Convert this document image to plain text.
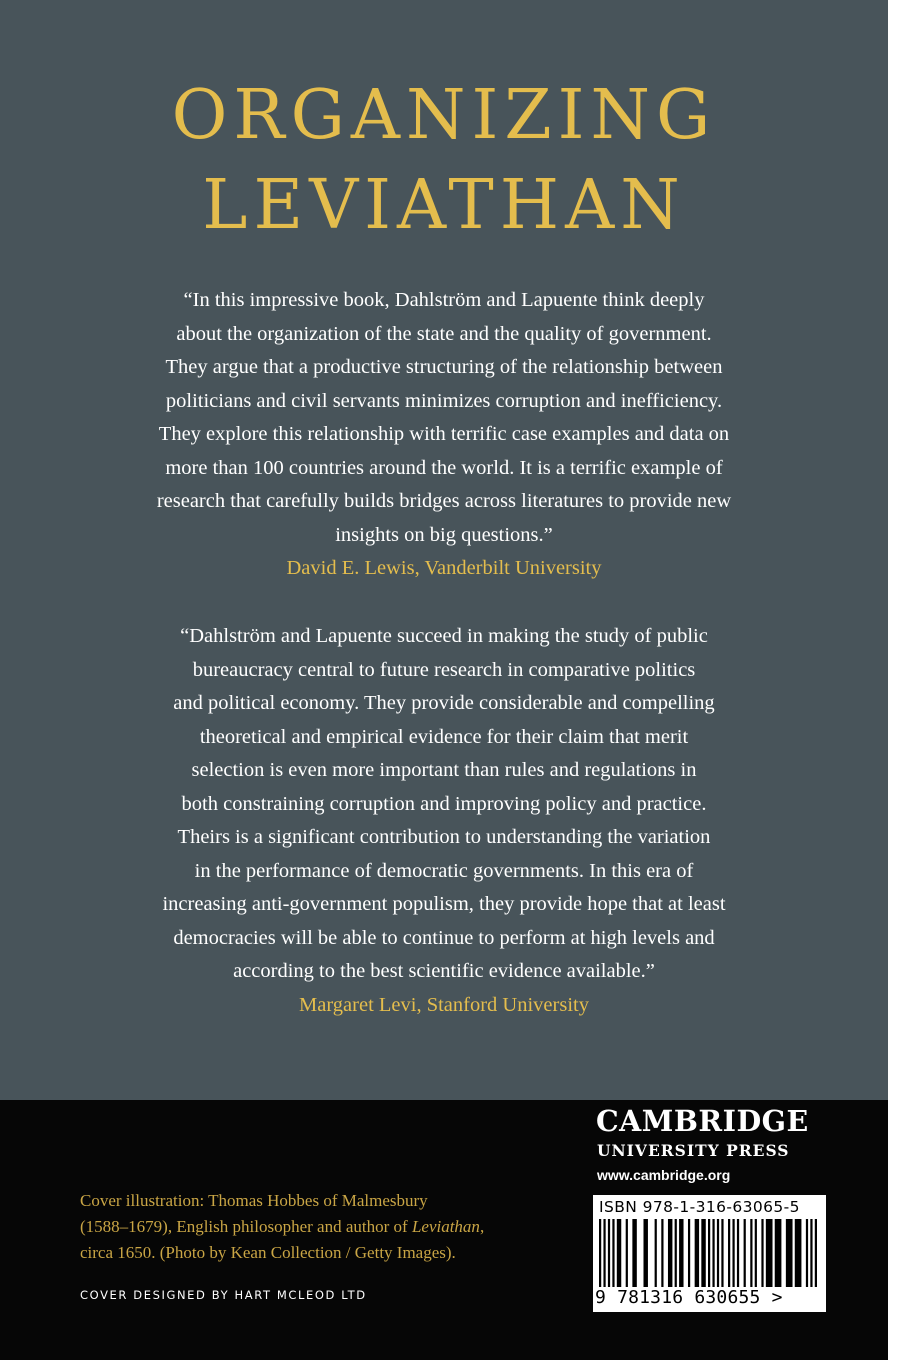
ORGANIZING
LEVIATHAN
“In this impressive book, Dahlström and Lapuente think deeply
about the organization of the state and the quality of government.
They argue that a productive structuring of the relationship between
politicians and civil servants minimizes corruption and inefficiency.
They explore this relationship with terrific case examples and data on
more than 100 countries around the world. It is a terrific example of
research that carefully builds bridges across literatures to provide new
insights on big questions.”
David E. Lewis, Vanderbilt University
“Dahlström and Lapuente succeed in making the study of public
bureaucracy central to future research in comparative politics
and political economy. They provide considerable and compelling
theoretical and empirical evidence for their claim that merit
selection is even more important than rules and regulations in
both constraining corruption and improving policy and practice.
Theirs is a significant contribution to understanding the variation
in the performance of democratic governments. In this era of
increasing anti-government populism, they provide hope that at least
democracies will be able to continue to perform at high levels and
according to the best scientific evidence available.”
Margaret Levi, Stanford University
Cover illustration: Thomas Hobbes of Malmesbury
(1588–1679), English philosopher and author of Leviathan,
circa 1650. (Photo by Kean Collection / Getty Images).
COVER DESIGNED BY HART MCLEOD LTD
CAMBRIDGE
UNIVERSITY PRESS
www.cambridge.org
ISBN 978-1-316-63065-5
9 781316 630655 >
